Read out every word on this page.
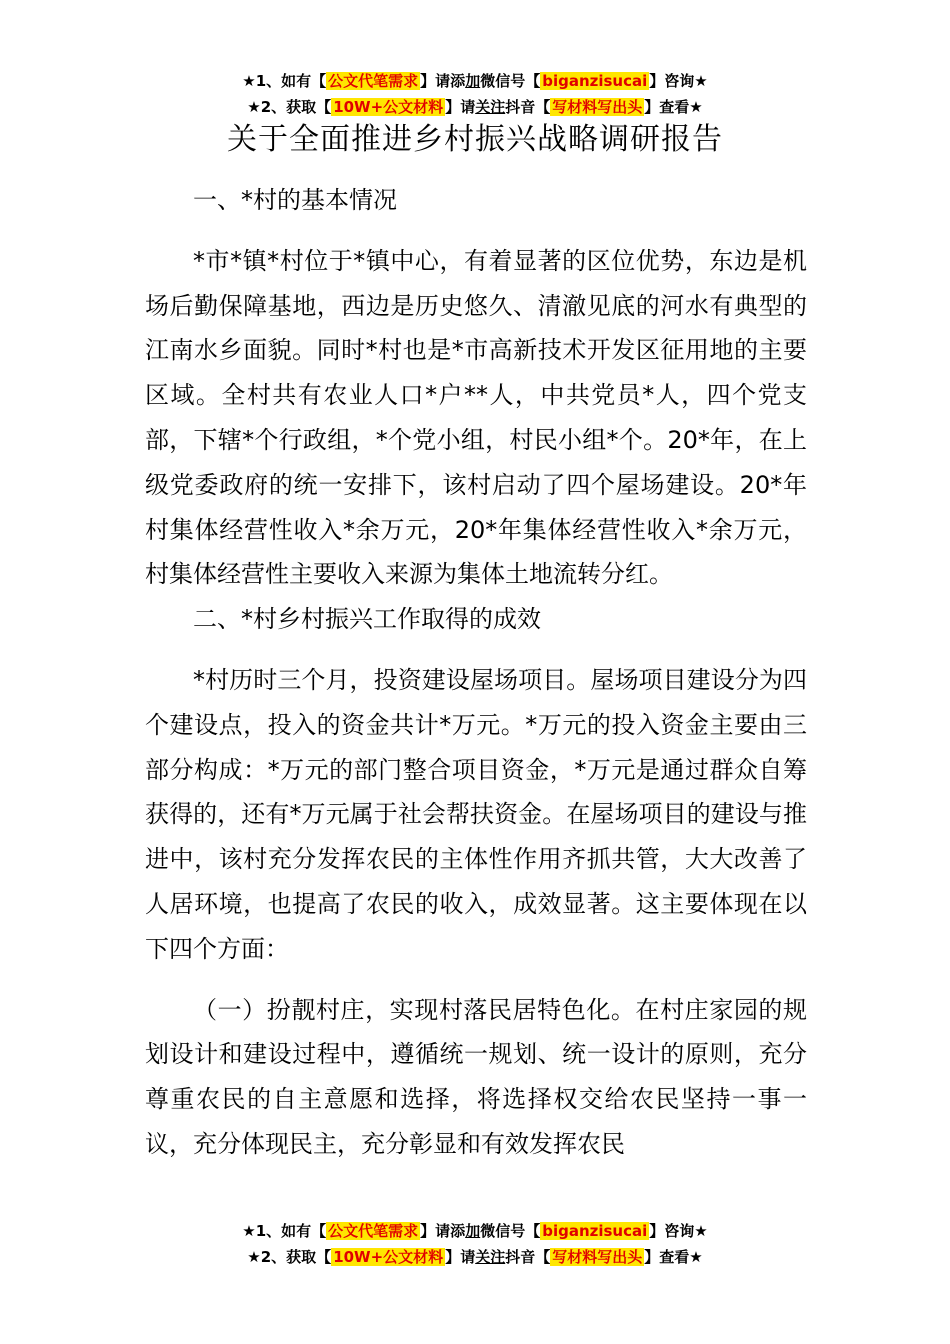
★1、如有【 公文代笔需求 】请添加微信号【 biganzisucai 】咨询★
★2、获取【 10W+公文材料 】请关注抖音【 写材料写出头 】查看★
关于全面推进乡村振兴战略调研报告

一、*村的基本情况

*市*镇*村位于*镇中心，有着显著的区位优势，东边是机场后勤保障基地，西边是历史悠久、清澈见底的河水有典型的江南水乡面貌。同时*村也是*市高新技术开发区征用地的主要区域。全村共有农业人口*户**人，中共党员*人，四个党支部，下辖*个行政组，*个党小组，村民小组*个。20*年，在上级党委政府的统一安排下，该村启动了四个屋场建设。20*年村集体经营性收入*余万元，20*年集体经营性收入*余万元，村集体经营性主要收入来源为集体土地流转分红。

二、*村乡村振兴工作取得的成效

*村历时三个月，投资建设屋场项目。屋场项目建设分为四个建设点，投入的资金共计*万元。*万元的投入资金主要由三部分构成：*万元的部门整合项目资金，*万元是通过群众自筹获得的，还有*万元属于社会帮扶资金。在屋场项目的建设与推进中，该村充分发挥农民的主体性作用齐抓共管，大大改善了人居环境，也提高了农民的收入，成效显著。这主要体现在以下四个方面：

（一）扮靓村庄，实现村落民居特色化。在村庄家园的规划设计和建设过程中，遵循统一规划、统一设计的原则，充分尊重农民的自主意愿和选择，将选择权交给农民坚持一事一议，充分体现民主，充分彰显和有效发挥农民

★1、如有【 公文代笔需求 】请添加微信号【 biganzisucai 】咨询★
★2、获取【 10W+公文材料 】请关注抖音【 写材料写出头 】查看★
